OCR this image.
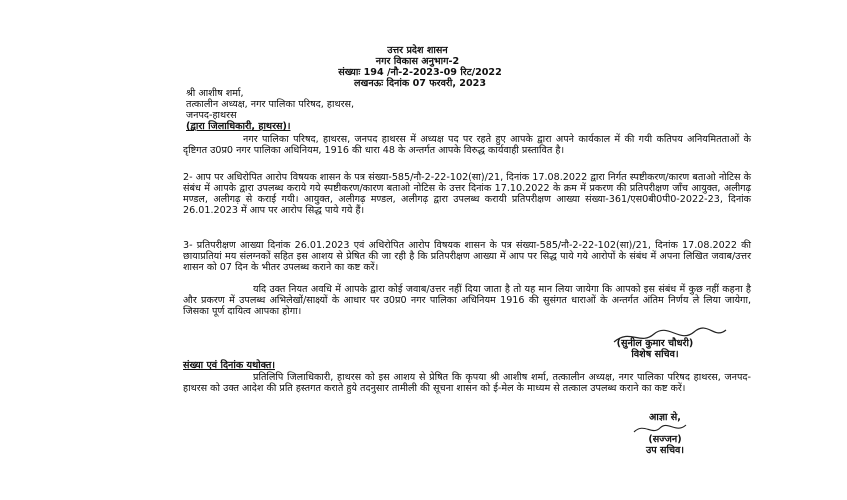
उत्तर प्रदेश शासन
नगर विकास अनुभाग-2
संख्याः 194 /नौ-2-2023-09 रिट/2022
लखनऊः दिनांक 07 फरवरी, 2023
श्री आशीष शर्मा,
तत्कालीन अध्यक्ष, नगर पालिका परिषद, हाथरस,
जनपद-हाथरस
(द्वारा जिलाधिकारी, हाथरस)।
नगर पालिका परिषद, हाथरस, जनपद हाथरस में अध्यक्ष पद पर रहते हुए आपके द्वारा अपने कार्यकाल में की गयी कतिपय अनियमितताओं के दृष्टिगत उ0प्र0 नगर पालिका अधिनियम, 1916 की धारा 48 के अन्तर्गत आपके विरुद्ध कार्यवाही प्रस्तावित है।
2- आप पर अधिरोपित आरोप विषयक शासन के पत्र संख्या-585/नौ-2-22-102(सा)/21, दिनांक 17.08.2022 द्वारा निर्गत स्पष्टीकरण/कारण बताओ नोटिस के संबंध में आपके द्वारा उपलब्ध कराये गये स्पष्टीकरण/कारण बताओ नोटिस के उत्तर दिनांक 17.10.2022 के क्रम में प्रकरण की प्रतिपरीक्षण जाँच आयुक्त, अलीगढ़ मण्डल, अलीगढ़ से कराई गयी। आयुक्त, अलीगढ़ मण्डल, अलीगढ़ द्वारा उपलब्ध करायी प्रतिपरीक्षण आख्या संख्या-361/एस0बी0पी0-2022-23, दिनांक 26.01.2023 में आप पर आरोप सिद्ध पाये गये हैं।
3- प्रतिपरीक्षण आख्या दिनांक 26.01.2023 एवं अधिरोपित आरोप विषयक शासन के पत्र संख्या-585/नौ-2-22-102(सा)/21, दिनांक 17.08.2022 की छायाप्रतियां मय संलग्नकों सहित इस आशय से प्रेषित की जा रही है कि प्रतिपरीक्षण आख्या में आप पर सिद्ध पाये गये आरोपों के संबंध में अपना लिखित जवाब/उत्तर शासन को 07 दिन के भीतर उपलब्ध कराने का कष्ट करें।
यदि उक्त नियत अवधि में आपके द्वारा कोई जवाब/उत्तर नहीं दिया जाता है तो यह मान लिया जायेगा कि आपको इस संबंध में कुछ नहीं कहना है और प्रकरण में उपलब्ध अभिलेखों/साक्ष्यों के आधार पर उ0प्र0 नगर पालिका अधिनियम 1916 की सुसंगत धाराओं के अन्तर्गत अंतिम निर्णय ले लिया जायेगा, जिसका पूर्ण दायित्व आपका होगा।
(सुनील कुमार चौधरी)
विशेष सचिव।
संख्या एवं दिनांक यथोक्त।
प्रतिलिपि जिलाधिकारी, हाथरस को इस आशय से प्रेषित कि कृपया श्री आशीष शर्मा, तत्कालीन अध्यक्ष, नगर पालिका परिषद हाथरस, जनपद-हाथरस को उक्त आदेश की प्रति हस्तगत कराते हुये तदनुसार तामीली की सूचना शासन को ई-मेल के माध्यम से तत्काल उपलब्ध कराने का कष्ट करें।
आज्ञा से,
(सज्जन)
उप सचिव।
